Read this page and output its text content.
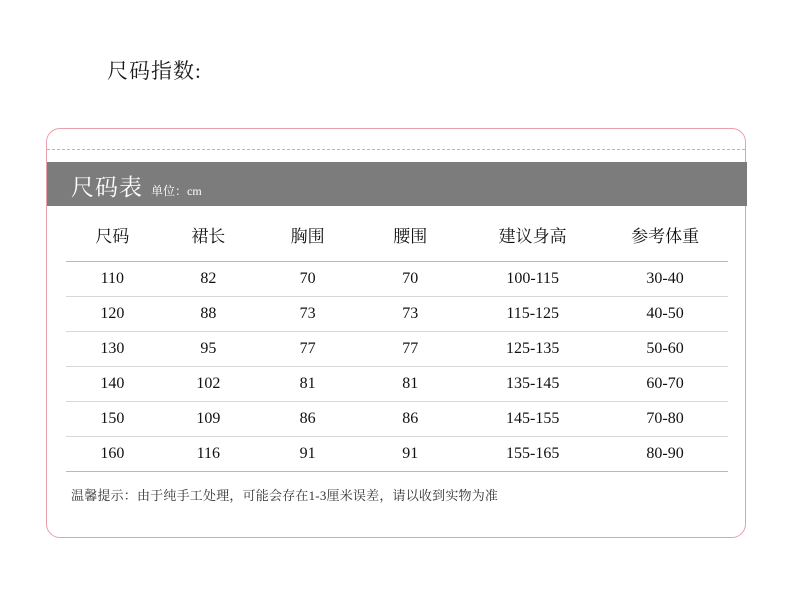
尺码指数:
尺码表 单位：cm
尺码	裙长	胸围	腰围	建议身高	参考体重
110	82	70	70	100-115	30-40
120	88	73	73	115-125	40-50
130	95	77	77	125-135	50-60
140	102	81	81	135-145	60-70
150	109	86	86	145-155	70-80
160	116	91	91	155-165	80-90
温馨提示：由于纯手工处理，可能会存在1-3厘米误差，请以收到实物为准
